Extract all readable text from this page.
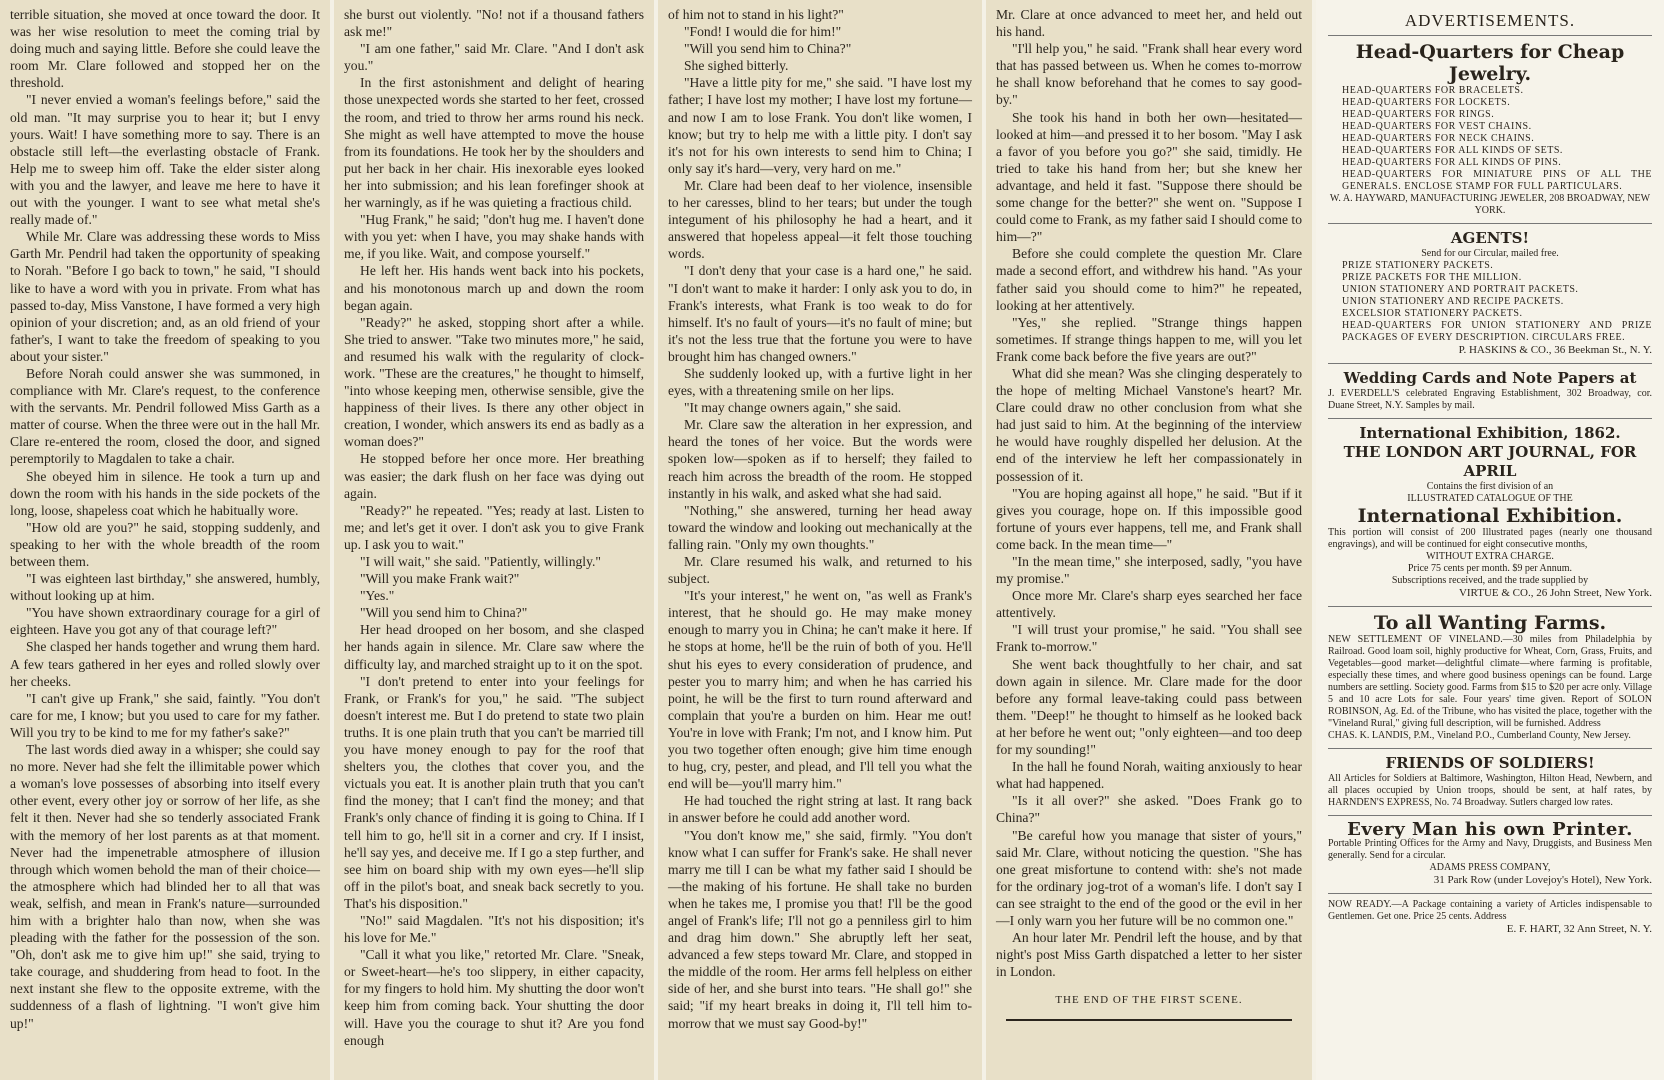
terrible situation, she moved at once toward the door. It was her wise resolution to meet the coming trial by doing much and saying little. Before she could leave the room Mr. Clare followed and stopped her on the threshold.

"I never envied a woman's feelings before," said the old man. "It may surprise you to hear it; but I envy yours. Wait! I have something more to say. There is an obstacle still left—the everlasting obstacle of Frank. Help me to sweep him off. Take the elder sister along with you and the lawyer, and leave me here to have it out with the younger. I want to see what metal she's really made of."

While Mr. Clare was addressing these words to Miss Garth Mr. Pendril had taken the opportunity of speaking to Norah. "Before I go back to town," he said, "I should like to have a word with you in private. From what has passed to-day, Miss Vanstone, I have formed a very high opinion of your discretion; and, as an old friend of your father's, I want to take the freedom of speaking to you about your sister."

Before Norah could answer she was summoned, in compliance with Mr. Clare's request, to the conference with the servants. Mr. Pendril followed Miss Garth as a matter of course. When the three were out in the hall Mr. Clare re-entered the room, closed the door, and signed peremptorily to Magdalen to take a chair.

She obeyed him in silence. He took a turn up and down the room with his hands in the side pockets of the long, loose, shapeless coat which he habitually wore.

"How old are you?" he said, stopping suddenly, and speaking to her with the whole breadth of the room between them.

"I was eighteen last birthday," she answered, humbly, without looking up at him.

"You have shown extraordinary courage for a girl of eighteen. Have you got any of that courage left?"

She clasped her hands together and wrung them hard. A few tears gathered in her eyes and rolled slowly over her cheeks.

"I can't give up Frank," she said, faintly. "You don't care for me, I know; but you used to care for my father. Will you try to be kind to me for my father's sake?"

The last words died away in a whisper; she could say no more. Never had she felt the illimitable power which a woman's love possesses of absorbing into itself every other event, every other joy or sorrow of her life, as she felt it then. Never had she so tenderly associated Frank with the memory of her lost parents as at that moment. Never had the impenetrable atmosphere of illusion through which women behold the man of their choice—the atmosphere which had blinded her to all that was weak, selfish, and mean in Frank's nature—surrounded him with a brighter halo than now, when she was pleading with the father for the possession of the son. "Oh, don't ask me to give him up!" she said, trying to take courage, and shuddering from head to foot. In the next instant she flew to the opposite extreme, with the suddenness of a flash of lightning. "I won't give him up!"

she burst out violently. "No! not if a thousand fathers ask me!"

"I am one father," said Mr. Clare. "And I don't ask you."

In the first astonishment and delight of hearing those unexpected words she started to her feet, crossed the room, and tried to throw her arms round his neck. She might as well have attempted to move the house from its foundations. He took her by the shoulders and put her back in her chair. His inexorable eyes looked her into submission; and his lean forefinger shook at her warningly, as if he was quieting a fractious child.

"Hug Frank," he said; "don't hug me. I haven't done with you yet: when I have, you may shake hands with me, if you like. Wait, and compose yourself."

He left her. His hands went back into his pockets, and his monotonous march up and down the room began again.

"Ready?" he asked, stopping short after a while. She tried to answer. "Take two minutes more," he said, and resumed his walk with the regularity of clock-work. "These are the creatures," he thought to himself, "into whose keeping men, otherwise sensible, give the happiness of their lives. Is there any other object in creation, I wonder, which answers its end as badly as a woman does?"

He stopped before her once more. Her breathing was easier; the dark flush on her face was dying out again.

"Ready?" he repeated. "Yes; ready at last. Listen to me; and let's get it over. I don't ask you to give Frank up. I ask you to wait."

"I will wait," she said. "Patiently, willingly."

"Will you make Frank wait?"

"Yes."

"Will you send him to China?"

Her head drooped on her bosom, and she clasped her hands again in silence. Mr. Clare saw where the difficulty lay, and marched straight up to it on the spot.

"I don't pretend to enter into your feelings for Frank, or Frank's for you," he said. "The subject doesn't interest me. But I do pretend to state two plain truths. It is one plain truth that you can't be married till you have money enough to pay for the roof that shelters you, the clothes that cover you, and the victuals you eat. It is another plain truth that you can't find the money; that I can't find the money; and that Frank's only chance of finding it is going to China. If I tell him to go, he'll sit in a corner and cry. If I insist, he'll say yes, and deceive me. If I go a step further, and see him on board ship with my own eyes—he'll slip off in the pilot's boat, and sneak back secretly to you. That's his disposition."

"No!" said Magdalen. "It's not his disposition; it's his love for Me."

"Call it what you like," retorted Mr. Clare. "Sneak, or Sweet-heart—he's too slippery, in either capacity, for my fingers to hold him. My shutting the door won't keep him from coming back. Your shutting the door will. Have you the courage to shut it? Are you fond enough

of him not to stand in his light?"

"Fond! I would die for him!"

"Will you send him to China?"

She sighed bitterly.

"Have a little pity for me," she said. "I have lost my father; I have lost my mother; I have lost my fortune—and now I am to lose Frank. You don't like women, I know; but try to help me with a little pity. I don't say it's not for his own interests to send him to China; I only say it's hard—very, very hard on me."

Mr. Clare had been deaf to her violence, insensible to her caresses, blind to her tears; but under the tough integument of his philosophy he had a heart, and it answered that hopeless appeal—it felt those touching words.

"I don't deny that your case is a hard one," he said. "I don't want to make it harder: I only ask you to do, in Frank's interests, what Frank is too weak to do for himself. It's no fault of yours—it's no fault of mine; but it's not the less true that the fortune you were to have brought him has changed owners."

She suddenly looked up, with a furtive light in her eyes, with a threatening smile on her lips.

"It may change owners again," she said.

Mr. Clare saw the alteration in her expression, and heard the tones of her voice. But the words were spoken low—spoken as if to herself; they failed to reach him across the breadth of the room. He stopped instantly in his walk, and asked what she had said.

"Nothing," she answered, turning her head away toward the window and looking out mechanically at the falling rain. "Only my own thoughts."

Mr. Clare resumed his walk, and returned to his subject.

"It's your interest," he went on, "as well as Frank's interest, that he should go. He may make money enough to marry you in China; he can't make it here. If he stops at home, he'll be the ruin of both of you. He'll shut his eyes to every consideration of prudence, and pester you to marry him; and when he has carried his point, he will be the first to turn round afterward and complain that you're a burden on him. Hear me out! You're in love with Frank; I'm not, and I know him. Put you two together often enough; give him time enough to hug, cry, pester, and plead, and I'll tell you what the end will be—you'll marry him."

He had touched the right string at last. It rang back in answer before he could add another word.

"You don't know me," she said, firmly. "You don't know what I can suffer for Frank's sake. He shall never marry me till I can be what my father said I should be—the making of his fortune. He shall take no burden when he takes me, I promise you that! I'll be the good angel of Frank's life; I'll not go a penniless girl to him and drag him down." She abruptly left her seat, advanced a few steps toward Mr. Clare, and stopped in the middle of the room. Her arms fell helpless on either side of her, and she burst into tears. "He shall go!" she said; "if my heart breaks in doing it, I'll tell him to-morrow that we must say Good-by!"

Mr. Clare at once advanced to meet her, and held out his hand.

"I'll help you," he said. "Frank shall hear every word that has passed between us. When he comes to-morrow he shall know beforehand that he comes to say good-by."

She took his hand in both her own—hesitated—looked at him—and pressed it to her bosom. "May I ask a favor of you before you go?" she said, timidly. He tried to take his hand from her; but she knew her advantage, and held it fast. "Suppose there should be some change for the better?" she went on. "Suppose I could come to Frank, as my father said I should come to him—?"

Before she could complete the question Mr. Clare made a second effort, and withdrew his hand. "As your father said you should come to him?" he repeated, looking at her attentively.

"Yes," she replied. "Strange things happen sometimes. If strange things happen to me, will you let Frank come back before the five years are out?"

What did she mean? Was she clinging desperately to the hope of melting Michael Vanstone's heart? Mr. Clare could draw no other conclusion from what she had just said to him. At the beginning of the interview he would have roughly dispelled her delusion. At the end of the interview he left her compassionately in possession of it.

"You are hoping against all hope," he said. "But if it gives you courage, hope on. If this impossible good fortune of yours ever happens, tell me, and Frank shall come back. In the mean time—"

"In the mean time," she interposed, sadly, "you have my promise."

Once more Mr. Clare's sharp eyes searched her face attentively.

"I will trust your promise," he said. "You shall see Frank to-morrow."

She went back thoughtfully to her chair, and sat down again in silence. Mr. Clare made for the door before any formal leave-taking could pass between them. "Deep!" he thought to himself as he looked back at her before he went out; "only eighteen—and too deep for my sounding!"

In the hall he found Norah, waiting anxiously to hear what had happened.

"Is it all over?" she asked. "Does Frank go to China?"

"Be careful how you manage that sister of yours," said Mr. Clare, without noticing the question. "She has one great misfortune to contend with: she's not made for the ordinary jog-trot of a woman's life. I don't say I can see straight to the end of the good or the evil in her—I only warn you her future will be no common one."

An hour later Mr. Pendril left the house, and by that night's post Miss Garth dispatched a letter to her sister in London.

THE END OF THE FIRST SCENE.
ADVERTISEMENTS.
Head-Quarters for Cheap Jewelry.
HEAD-QUARTERS FOR BRACELETS.
HEAD-QUARTERS FOR LOCKETS.
HEAD-QUARTERS FOR RINGS.
HEAD-QUARTERS FOR VEST CHAINS.
HEAD-QUARTERS FOR NECK CHAINS.
HEAD-QUARTERS FOR ALL KINDS OF SETS.
HEAD-QUARTERS FOR ALL KINDS OF PINS.
HEAD-QUARTERS FOR MINIATURE PINS OF ALL THE GENERALS. ENCLOSE STAMP FOR FULL PARTICULARS.
W. A. HAYWARD, MANUFACTURING JEWELER, 208 BROADWAY, NEW YORK.
AGENTS!
Send for our Circular, mailed free.
PRIZE STATIONERY PACKETS.
PRIZE PACKETS FOR THE MILLION.
UNION STATIONERY AND PORTRAIT PACKETS.
UNION STATIONERY AND RECIPE PACKETS.
EXCELSIOR STATIONERY PACKETS.
HEAD-QUARTERS FOR UNION STATIONERY AND PRIZE PACKAGES OF EVERY DESCRIPTION. CIRCULARS FREE.
P. HASKINS & CO., 36 Beekman St., N. Y.
Wedding Cards and Note Papers at
J. EVERDELL'S celebrated Engraving Establishment, 302 Broadway, cor. Duane Street, N.Y. Samples by mail.
International Exhibition, 1862.
THE LONDON ART JOURNAL, FOR APRIL
Contains the first division of an
ILLUSTRATED CATALOGUE OF THE
International Exhibition.
This portion will consist of 200 Illustrated pages (nearly one thousand engravings), and will be continued for eight consecutive months,
WITHOUT EXTRA CHARGE.
Price 75 cents per month. $9 per Annum.
Subscriptions received, and the trade supplied by
VIRTUE & CO., 26 John Street, New York.
To all Wanting Farms.
NEW SETTLEMENT OF VINELAND.—30 miles from Philadelphia by Railroad. Good loam soil, highly productive for Wheat, Corn, Grass, Fruits, and Vegetables—good market—delightful climate—where farming is profitable, especially these times, and where good business openings can be found. Large numbers are settling. Society good. Farms from $15 to $20 per acre only. Village 5 and 10 acre Lots for sale. Four years' time given. Report of SOLON ROBINSON, Ag. Ed. of the Tribune, who has visited the place, together with the "Vineland Rural," giving full description, will be furnished. Address
CHAS. K. LANDIS, P.M., Vineland P.O., Cumberland County, New Jersey.
FRIENDS OF SOLDIERS!
All Articles for Soldiers at Baltimore, Washington, Hilton Head, Newbern, and all places occupied by Union troops, should be sent, at half rates, by HARNDEN'S EXPRESS, No. 74 Broadway. Sutlers charged low rates.
Every Man his own Printer.
Portable Printing Offices for the Army and Navy, Druggists, and Business Men generally. Send for a circular.
ADAMS PRESS COMPANY,
31 Park Row (under Lovejoy's Hotel), New York.
NOW READY.—A Package containing a variety of Articles indispensable to Gentlemen. Get one. Price 25 cents. Address
E. F. HART, 32 Ann Street, N. Y.
